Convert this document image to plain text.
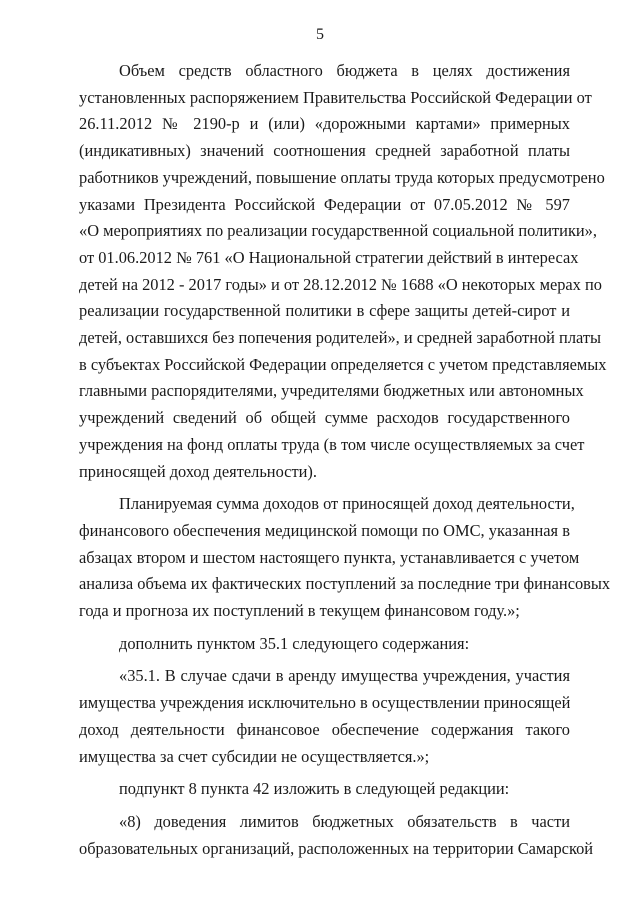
5
Объем средств областного бюджета в целях достижения
установленных распоряжением Правительства Российской Федерации от
26.11.2012 № 2190-р и (или) «дорожными картами» примерных
(индикативных) значений соотношения средней заработной платы
работников учреждений, повышение оплаты труда которых предусмотрено
указами Президента Российской Федерации от 07.05.2012 № 597
«О мероприятиях по реализации государственной социальной политики»,
от 01.06.2012 № 761 «О Национальной стратегии действий в интересах
детей на 2012 - 2017 годы» и от 28.12.2012 № 1688 «О некоторых мерах по
реализации государственной политики в сфере защиты детей-сирот и
детей, оставшихся без попечения родителей», и средней заработной платы
в субъектах Российской Федерации определяется с учетом представляемых
главными распорядителями, учредителями бюджетных или автономных
учреждений сведений об общей сумме расходов государственного
учреждения на фонд оплаты труда (в том числе осуществляемых за счет
приносящей доход деятельности).
Планируемая сумма доходов от приносящей доход деятельности,
финансового обеспечения медицинской помощи по ОМС, указанная в
абзацах втором и шестом настоящего пункта, устанавливается с учетом
анализа объема их фактических поступлений за последние три финансовых
года и прогноза их поступлений в текущем финансовом году.»;
дополнить пунктом 35.1 следующего содержания:
«35.1. В случае сдачи в аренду имущества учреждения, участия
имущества учреждения исключительно в осуществлении приносящей
доход деятельности финансовое обеспечение содержания такого
имущества за счет субсидии не осуществляется.»;
подпункт 8 пункта 42 изложить в следующей редакции:
«8) доведения лимитов бюджетных обязательств в части
образовательных организаций, расположенных на территории Самарской
